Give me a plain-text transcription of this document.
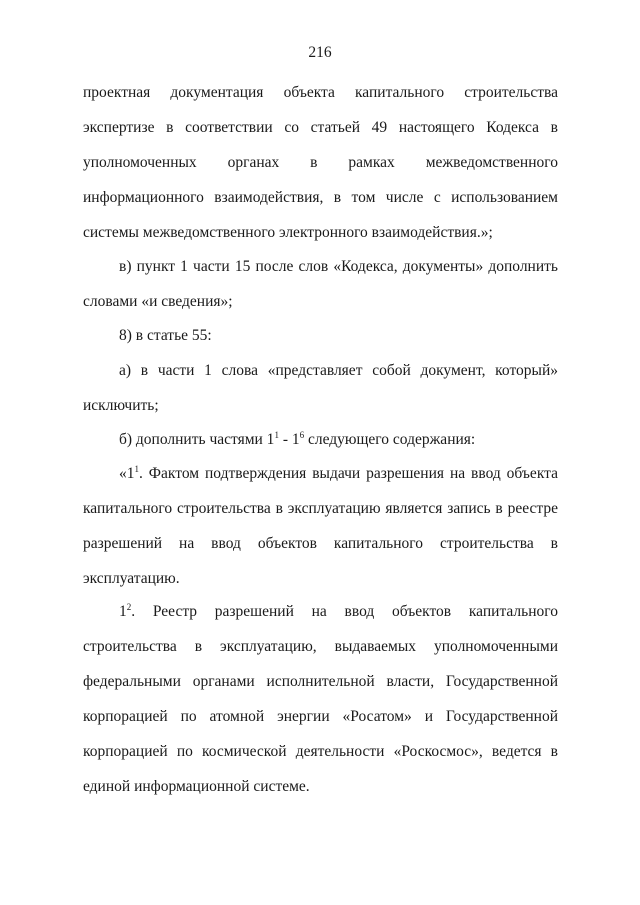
216
проектная документация объекта капитального строительства
экспертизе в соответствии со статьей 49 настоящего Кодекса в
уполномоченных органах в рамках межведомственного
информационного взаимодействия, в том числе с использованием
системы межведомственного электронного взаимодействия.»;
в) пункт 1 части 15 после слов «Кодекса, документы» дополнить
словами «и сведения»;
8) в статье 55:
а) в части 1 слова «представляет собой документ, который»
исключить;
б) дополнить частями $1^1 - 1^6$ следующего содержания:
«$1^1$. Фактом подтверждения выдачи разрешения на ввод объекта
капитального строительства в эксплуатацию является запись в реестре
разрешений на ввод объектов капитального строительства в
эксплуатацию.
$1^2$. Реестр разрешений на ввод объектов капитального
строительства в эксплуатацию, выдаваемых уполномоченными
федеральными органами исполнительной власти, Государственной
корпорацией по атомной энергии «Росатом» и Государственной
корпорацией по космической деятельности «Роскосмос», ведется в
единой информационной системе.
